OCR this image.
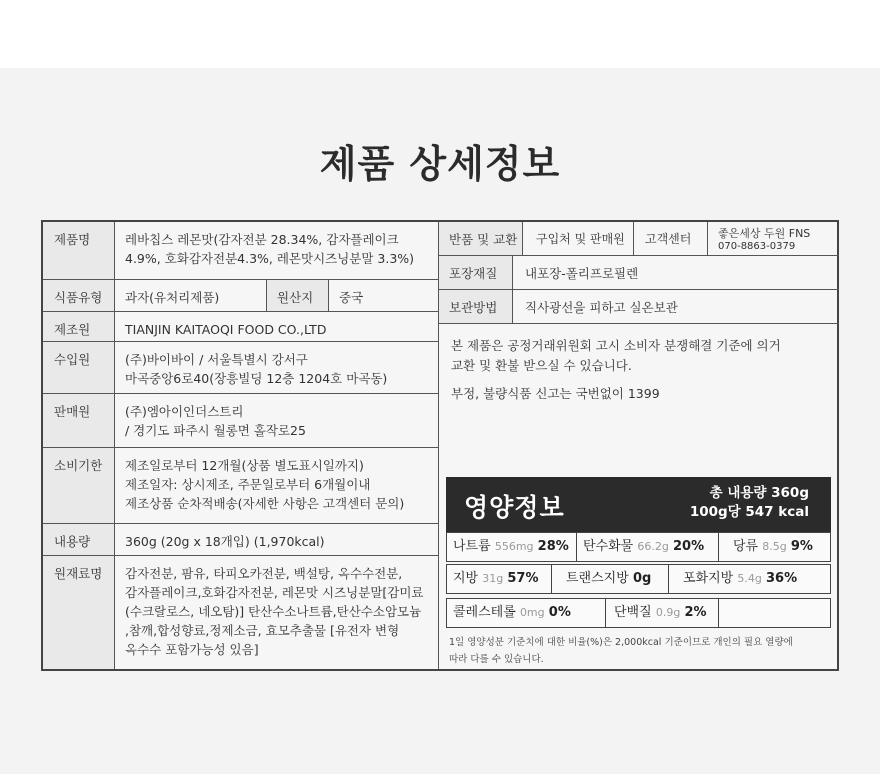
제품 상세정보
제품명	레바칩스 레몬맛(감자전분 28.34%, 감자플레이크
4.9%, 호화감자전분4.3%, 레몬맛시즈닝분말 3.3%)
식품유형	과자(유처리제품)	원산지	중국
제조원	TIANJIN KAITAOQI FOOD CO.,LTD
수입원	(주)바이바이 / 서울특별시 강서구
마곡중앙6로40(장흥빌딩 12층 1204호 마곡동)
판매원	(주)엠아이인더스트리
/ 경기도 파주시 월롱면 홀작로25
소비기한	제조일로부터 12개월(상품 별도표시일까지)
제조일자: 상시제조, 주문일로부터 6개월이내
제조상품 순차적배송(자세한 사항은 고객센터 문의)
내용량	360g (20g x 18개입) (1,970kcal)
원재료명	감자전분, 팜유, 타피오카전분, 백설탕, 옥수수전분,
감자플레이크,호화감자전분, 레몬맛 시즈닝분말[감미료
(수크랄로스, 네오탐)] 탄산수소나트륨,탄산수소암모늄
,참깨,합성향료,정제소금, 효모추출물 [유전자 변형
옥수수 포함가능성 있음]
반품 및 교환	구입처 및 판매원	고객센터	좋은세상 두원 FNS
070-8863-0379
포장재질	내포장-폴리프로필렌
보관방법	직사광선을 피하고 실온보관
본 제품은 공정거래위원회 고시 소비자 분쟁해결 기준에 의거
교환 및 환불 받으실 수 있습니다.
부정, 불량식품 신고는 국번없이 1399
영양정보	총 내용량 360g
100g당 547 kcal
나트륨 556mg 28%	탄수화물 66.2g 20%	당류 8.5g 9%
지방 31g 57%	트랜스지방 0g	포화지방 5.4g 36%
콜레스테롤 0mg 0%	단백질 0.9g 2%
1일 영양성분 기준치에 대한 비율(%)은 2,000kcal 기준이므로 개인의 필요 열량에
따라 다를 수 있습니다.
